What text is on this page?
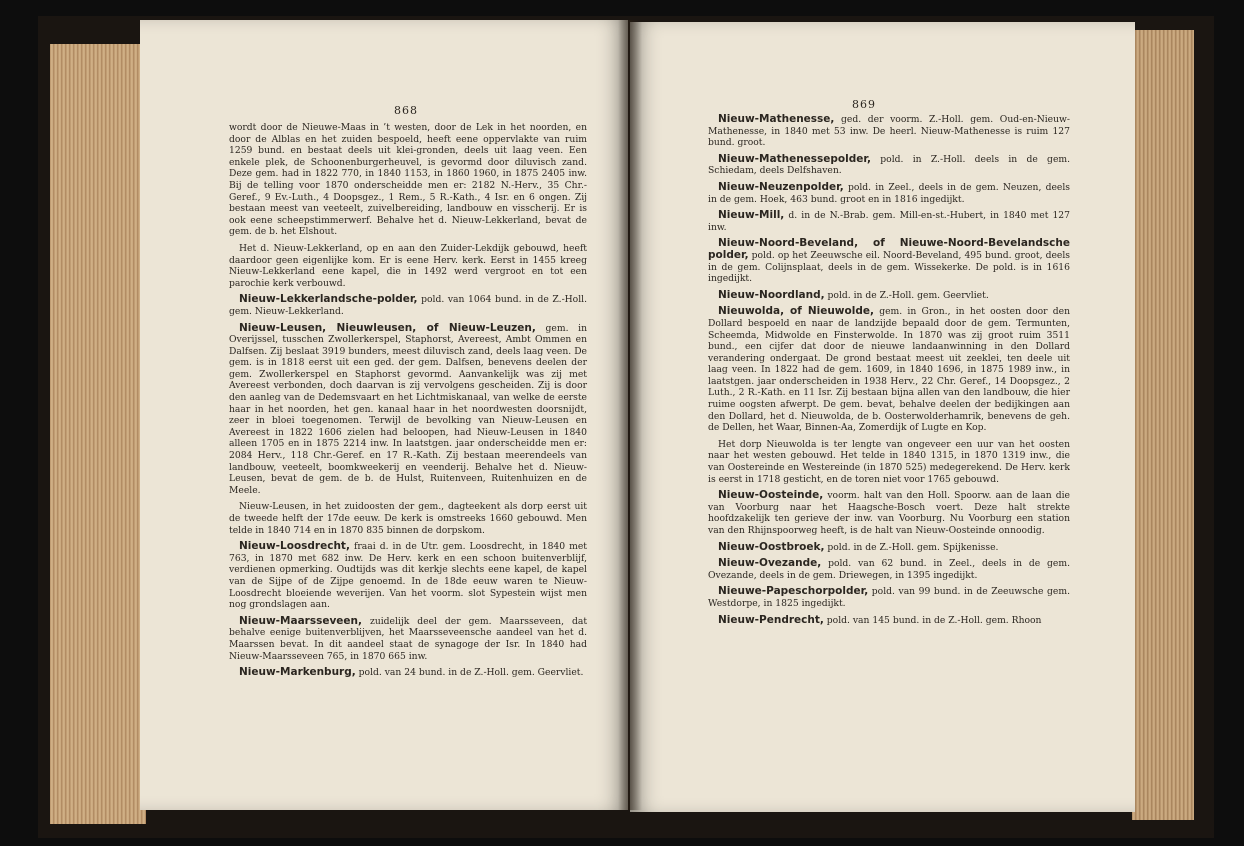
868

wordt door de Nieuwe-Maas in ’t westen, door de Lek in het noorden, en door de Alblas en het zuiden bespoeld, heeft eene oppervlakte van ruim 1259 bund. en bestaat deels uit klei-gronden, deels uit laag veen. Een enkele plek, de Schoonenburgerheuvel, is gevormd door diluvisch zand. Deze gem. had in 1822 770, in 1840 1153, in 1860 1960, in 1875 2405 inw. Bij de telling voor 1870 onderscheidde men er: 2182 N.-Herv., 35 Chr.-Geref., 9 Ev.-Luth., 4 Doopsgez., 1 Rem., 5 R.-Kath., 4 Isr. en 6 ongen. Zij bestaan meest van veeteelt, zuivelbereiding, landbouw en visscherij. Er is ook eene scheepstimmerwerf. Behalve het d. Nieuw-Lekkerland, bevat de gem. de b. het Elshout.

Het d. Nieuw-Lekkerland, op en aan den Zuider-Lekdijk gebouwd, heeft daardoor geen eigenlijke kom. Er is eene Herv. kerk. Eerst in 1455 kreeg Nieuw-Lekkerland eene kapel, die in 1492 werd vergroot en tot een parochie kerk verbouwd.

Nieuw-Lekkerlandsche-polder, pold. van 1064 bund. in de Z.-Holl. gem. Nieuw-Lekkerland.

Nieuw-Leusen, Nieuwleusen, of Nieuw-Leuzen, gem. in Overijssel, tusschen Zwollerkerspel, Staphorst, Avereest, Ambt Ommen en Dalfsen. Zij beslaat 3919 bunders, meest diluvisch zand, deels laag veen. De gem. is in 1818 eerst uit een ged. der gem. Dalfsen, benevens deelen der gem. Zwollerkerspel en Staphorst gevormd. Aanvankelijk was zij met Avereest verbonden, doch daarvan is zij vervolgens gescheiden. Zij is door den aanleg van de Dedemsvaart en het Lichtmiskanaal, van welke de eerste haar in het noorden, het gen. kanaal haar in het noordwesten doorsnijdt, zeer in bloei toegenomen. Terwijl de bevolking van Nieuw-Leusen en Avereest in 1822 1606 zielen had beloopen, had Nieuw-Leusen in 1840 alleen 1705 en in 1875 2214 inw. In laatstgen. jaar onderscheidde men er: 2084 Herv., 118 Chr.-Geref. en 17 R.-Kath. Zij bestaan meerendeels van landbouw, veeteelt, boomkweekerij en veenderij. Behalve het d. Nieuw-Leusen, bevat de gem. de b. de Hulst, Ruitenveen, Ruitenhuizen en de Meele.

Nieuw-Leusen, in het zuidoosten der gem., dagteekent als dorp eerst uit de tweede helft der 17de eeuw. De kerk is omstreeks 1660 gebouwd. Men telde in 1840 714 en in 1870 835 binnen de dorpskom.

Nieuw-Loosdrecht, fraai d. in de Utr. gem. Loosdrecht, in 1840 met 763, in 1870 met 682 inw. De Herv. kerk en een schoon buitenverblijf, verdienen opmerking. Oudtijds was dit kerkje slechts eene kapel, de kapel van de Sijpe of de Zijpe genoemd. In de 18de eeuw waren te Nieuw-Loosdrecht bloeiende weverijen. Van het voorm. slot Sypestein wijst men nog grondslagen aan.

Nieuw-Maarsseveen, zuidelijk deel der gem. Maarsseveen, dat behalve eenige buitenverblijven, het Maarsseveensche aandeel van het d. Maarssen bevat. In dit aandeel staat de synagoge der Isr. In 1840 had Nieuw-Maarsseveen 765, in 1870 665 inw.

Nieuw-Markenburg, pold. van 24 bund. in de Z.-Holl. gem. Geervliet.

869

Nieuw-Mathenesse, ged. der voorm. Z.-Holl. gem. Oud-en-Nieuw-Mathenesse, in 1840 met 53 inw. De heerl. Nieuw-Mathenesse is ruim 127 bund. groot.

Nieuw-Mathenessepolder, pold. in Z.-Holl. deels in de gem. Schiedam, deels Delfshaven.

Nieuw-Neuzenpolder, pold. in Zeel., deels in de gem. Neuzen, deels in de gem. Hoek, 463 bund. groot en in 1816 ingedijkt.

Nieuw-Mill, d. in de N.-Brab. gem. Mill-en-st.-Hubert, in 1840 met 127 inw.

Nieuw-Noord-Beveland, of Nieuwe-Noord-Bevelandsche polder, pold. op het Zeeuwsche eil. Noord-Beveland, 495 bund. groot, deels in de gem. Colijnsplaat, deels in de gem. Wissekerke. De pold. is in 1616 ingedijkt.

Nieuw-Noordland, pold. in de Z.-Holl. gem. Geervliet.

Nieuwolda, of Nieuwolde, gem. in Gron., in het oosten door den Dollard bespoeld en naar de landzijde bepaald door de gem. Termunten, Scheemda, Midwolde en Finsterwolde. In 1870 was zij groot ruim 3511 bund., een cijfer dat door de nieuwe landaanwinning in den Dollard verandering ondergaat. De grond bestaat meest uit zeeklei, ten deele uit laag veen. In 1822 had de gem. 1609, in 1840 1696, in 1875 1989 inw., in laatstgen. jaar onderscheiden in 1938 Herv., 22 Chr. Geref., 14 Doopsgez., 2 Luth., 2 R.-Kath. en 11 Isr. Zij bestaan bijna allen van den landbouw, die hier ruime oogsten afwerpt. De gem. bevat, behalve deelen der bedijkingen aan den Dollard, het d. Nieuwolda, de b. Oosterwolderhamrik, benevens de geh. de Dellen, het Waar, Binnen-Aa, Zomerdijk of Lugte en Kop.

Het dorp Nieuwolda is ter lengte van ongeveer een uur van het oosten naar het westen gebouwd. Het telde in 1840 1315, in 1870 1319 inw., die van Oostereinde en Westereinde (in 1870 525) medegerekend. De Herv. kerk is eerst in 1718 gesticht, en de toren niet voor 1765 gebouwd.

Nieuw-Oosteinde, voorm. halt van den Holl. Spoorw. aan de laan die van Voorburg naar het Haagsche-Bosch voert. Deze halt strekte hoofdzakelijk ten gerieve der inw. van Voorburg. Nu Voorburg een station van den Rhijnspoorweg heeft, is de halt van Nieuw-Oosteinde onnoodig.

Nieuw-Oostbroek, pold. in de Z.-Holl. gem. Spijkenisse.

Nieuw-Ovezande, pold. van 62 bund. in Zeel., deels in de gem. Ovezande, deels in de gem. Driewegen, in 1395 ingedijkt.

Nieuwe-Papeschorpolder, pold. van 99 bund. in de Zeeuwsche gem. Westdorpe, in 1825 ingedijkt.

Nieuw-Pendrecht, pold. van 145 bund. in de Z.-Holl. gem. Rhoon
